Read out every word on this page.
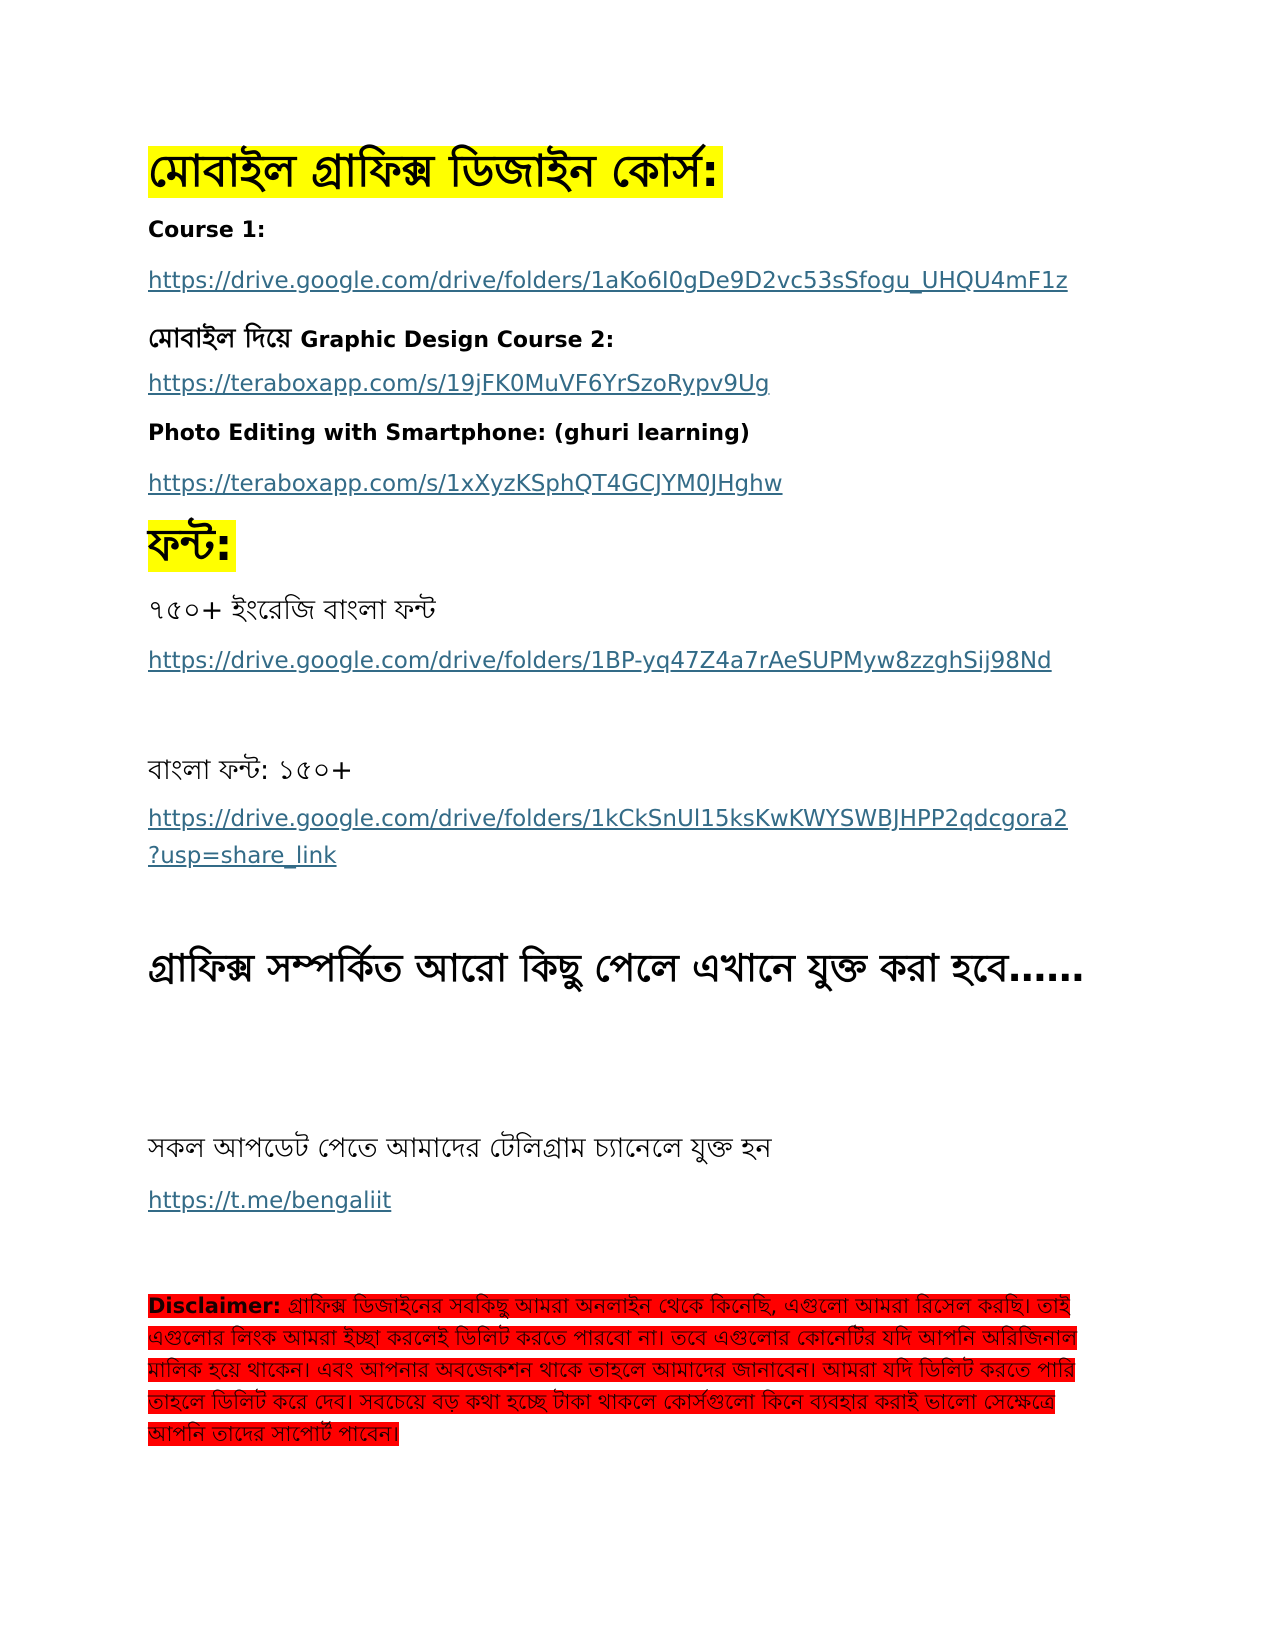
মোবাইল গ্রাফিক্স ডিজাইন কোর্স:
Course 1:
https://drive.google.com/drive/folders/1aKo6I0gDe9D2vc53sSfogu_UHQU4mF1z
মোবাইল দিয়ে Graphic Design Course 2:
https://teraboxapp.com/s/19jFK0MuVF6YrSzoRypv9Ug
Photo Editing with Smartphone: (ghuri learning)
https://teraboxapp.com/s/1xXyzKSphQT4GCJYM0JHghw
ফন্ট:
৭৫০+ ইংরেজি বাংলা ফন্ট
https://drive.google.com/drive/folders/1BP-yq47Z4a7rAeSUPMyw8zzghSij98Nd
বাংলা ফন্ট: ১৫০+
https://drive.google.com/drive/folders/1kCkSnUl15ksKwKWYSWBJHPP2qdcgora2
?usp=share_link
গ্রাফিক্স সম্পর্কিত আরো কিছু পেলে এখানে যুক্ত করা হবে……
সকল আপডেট পেতে আমাদের টেলিগ্রাম চ্যানেলে যুক্ত হন
https://t.me/bengaliit
Disclaimer: গ্রাফিক্স ডিজাইনের সবকিছু আমরা অনলাইন থেকে কিনেছি, এগুলো আমরা রিসেল করছি। তাই এগুলোর লিংক আমরা ইচ্ছা করলেই ডিলিট করতে পারবো না। তবে এগুলোর কোনেটির যদি আপনি অরিজিনাল মালিক হয়ে থাকেন। এবং আপনার অবজেকশন থাকে তাহলে আমাদের জানাবেন। আমরা যদি ডিলিট করতে পারি তাহলে ডিলিট করে দেব। সবচেয়ে বড় কথা হচ্ছে টাকা থাকলে কোর্সগুলো কিনে ব্যবহার করাই ভালো সেক্ষেত্রে আপনি তাদের সাপোর্ট পাবেন।
